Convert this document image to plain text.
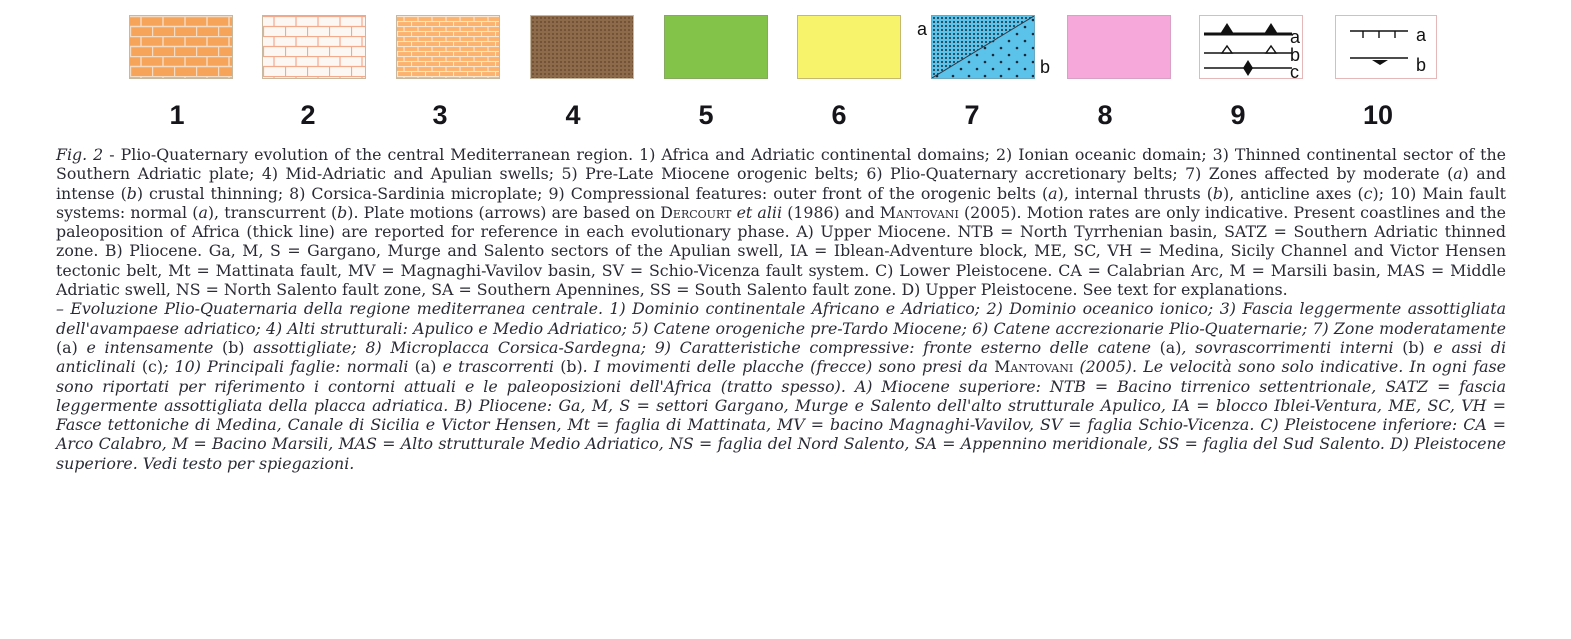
1	2	3	4	5	6
a
b
7	8
a
b
c
9
a
b
10

Fig. 2 - Plio-Quaternary evolution of the central Mediterranean region. 1) Africa and Adriatic continental domains; 2) Ionian oceanic domain; 3) Thinned continental sector of the Southern Adriatic plate; 4) Mid-Adriatic and Apulian swells; 5) Pre-Late Miocene orogenic belts; 6) Plio-Quaternary accretionary belts; 7) Zones affected by moderate (a) and intense (b) crustal thinning; 8) Corsica-Sardinia microplate; 9) Compressional features: outer front of the orogenic belts (a), internal thrusts (b), anticline axes (c); 10) Main fault systems: normal (a), transcurrent (b). Plate motions (arrows) are based on Dercourt et alii (1986) and Mantovani (2005). Motion rates are only indicative. Present coastlines and the paleoposition of Africa (thick line) are reported for reference in each evolutionary phase. A) Upper Miocene. NTB = North Tyrrhenian basin, SATZ = Southern Adriatic thinned zone. B) Pliocene. Ga, M, S = Gargano, Murge and Salento sectors of the Apulian swell, IA = Iblean-Adventure block, ME, SC, VH = Medina, Sicily Channel and Victor Hensen tectonic belt, Mt = Mattinata fault, MV = Magnaghi-Vavilov basin, SV = Schio-Vicenza fault system. C) Lower Pleistocene. CA = Calabrian Arc, M = Marsili basin, MAS = Middle Adriatic swell, NS = North Salento fault zone, SA = Southern Apennines, SS = South Salento fault zone. D) Upper Pleistocene. See text for explanations.

– Evoluzione Plio-Quaternaria della regione mediterranea centrale. 1) Dominio continentale Africano e Adriatico; 2) Dominio oceanico ionico; 3) Fascia leggermente assottigliata dell'avampaese adriatico; 4) Alti strutturali: Apulico e Medio Adriatico; 5) Catene orogeniche pre-Tardo Miocene; 6) Catene accrezionarie Plio-Quaternarie; 7) Zone moderatamente (a) e intensamente (b) assottigliate; 8) Microplacca Corsica-Sardegna; 9) Caratteristiche compressive: fronte esterno delle catene (a), sovrascorrimenti interni (b) e assi di anticlinali (c); 10) Principali faglie: normali (a) e trascorrenti (b). I movimenti delle placche (frecce) sono presi da Mantovani (2005). Le velocità sono solo indicative. In ogni fase sono riportati per riferimento i contorni attuali e le paleoposizioni dell'Africa (tratto spesso). A) Miocene superiore: NTB = Bacino tirrenico settentrionale, SATZ = fascia leggermente assottigliata della placca adriatica. B) Pliocene: Ga, M, S = settori Gargano, Murge e Salento dell'alto strutturale Apulico, IA = blocco Iblei-Ventura, ME, SC, VH = Fasce tettoniche di Medina, Canale di Sicilia e Victor Hensen, Mt = faglia di Mattinata, MV = bacino Magnaghi-Vavilov, SV = faglia Schio-Vicenza. C) Pleistocene inferiore: CA = Arco Calabro, M = Bacino Marsili, MAS = Alto strutturale Medio Adriatico, NS = faglia del Nord Salento, SA = Appennino meridionale, SS = faglia del Sud Salento. D) Pleistocene superiore. Vedi testo per spiegazioni.
